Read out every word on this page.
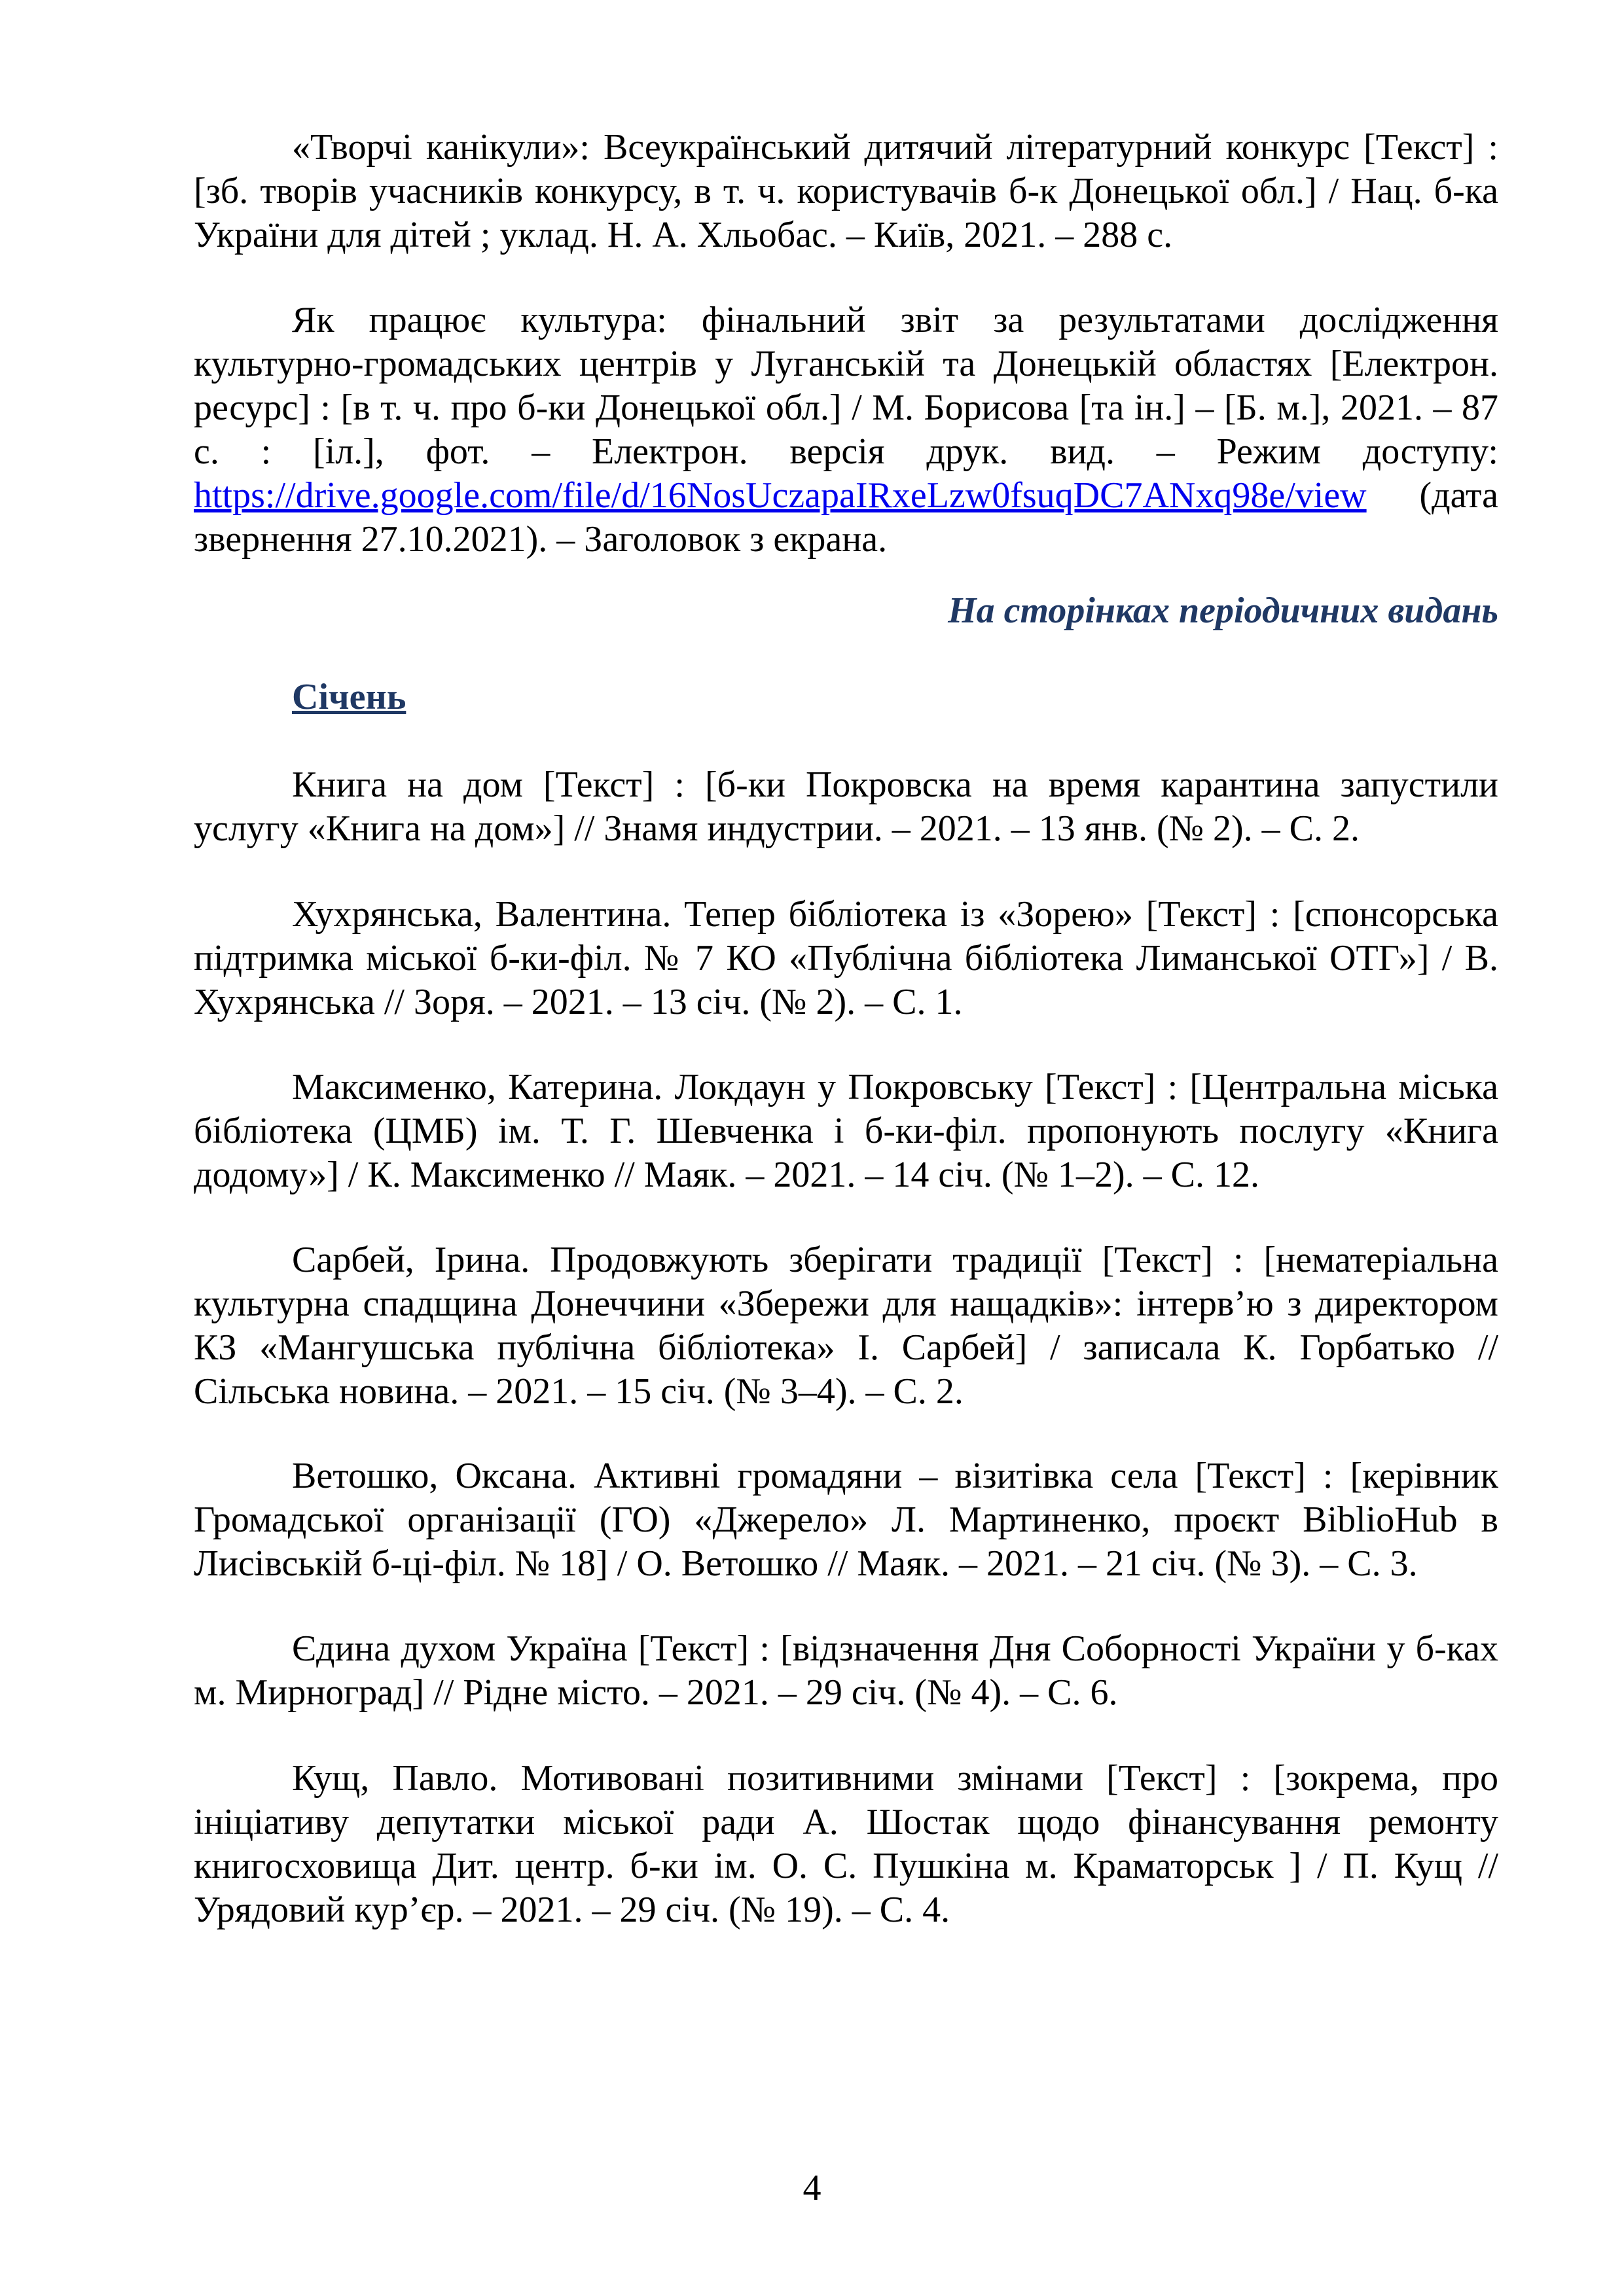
«Творчі канікули»: Всеукраїнський дитячий літературний конкурс [Текст] : [зб. творів учасників конкурсу, в т. ч. користувачів б-к Донецької обл.] / Нац. б-ка України для дітей ; уклад. Н. А. Хльобас. – Київ, 2021. – 288 с.

Як працює культура: фінальний звіт за результатами дослідження культурно-громадських центрів у Луганській та Донецькій областях [Електрон. ресурс] : [в т. ч. про б-ки Донецької обл.] / М. Борисова [та ін.] – [Б. м.], 2021. – 87 с. : [іл.], фот. – Електрон. версія друк. вид. – Режим доступу: https://drive.google.com/file/d/16NosUczapaIRxeLzw0fsuqDC7ANxq98e/view (дата звернення 27.10.2021). – Заголовок з екрана.

На сторінках періодичних видань

Січень

Книга на дом [Текст] : [б-ки Покровска на время карантина запустили услугу «Книга на дом»] // Знамя индустрии. – 2021. – 13 янв. (№ 2). – С. 2.

Хухрянська, Валентина. Тепер бібліотека із «Зорею» [Текст] : [спонсорська підтримка міської б-ки-філ. № 7 КО «Публічна бібліотека Лиманської ОТГ»] / В. Хухрянська // Зоря. – 2021. – 13 січ. (№ 2). – С. 1.

Максименко, Катерина. Локдаун у Покровську [Текст] : [Центральна міська бібліотека (ЦМБ) ім. Т. Г. Шевченка і б-ки-філ. пропонують послугу «Книга додому»] / К. Максименко // Маяк. – 2021. – 14 січ. (№ 1–2). – С. 12.

Сарбей, Ірина. Продовжують зберігати традиції [Текст] : [нематеріальна культурна спадщина Донеччини «Збережи для нащадків»: інтерв’ю з директором КЗ «Мангушська публічна бібліотека» І. Сарбей] / записала К. Горбатько // Сільська новина. – 2021. – 15 січ. (№ 3–4). – С. 2.

Ветошко, Оксана. Активні громадяни – візитівка села [Текст] : [керівник Громадської організації (ГО) «Джерело» Л. Мартиненко, проєкт BiblioHub в Лисівській б-ці-філ. № 18] / О. Ветошко // Маяк. – 2021. – 21 січ. (№ 3). – С. 3.

Єдина духом Україна [Текст] : [відзначення Дня Соборності України у б-ках м. Мирноград] // Рідне місто. – 2021. – 29 січ. (№ 4). – С. 6.

Кущ, Павло. Мотивовані позитивними змінами [Текст] : [зокрема, про ініціативу депутатки міської ради А. Шостак щодо фінансування ремонту книгосховища Дит. центр. б-ки ім. О. С. Пушкіна м. Краматорськ ] / П. Кущ // Урядовий кур’єр. – 2021. – 29 січ. (№ 19). – С. 4.

4
